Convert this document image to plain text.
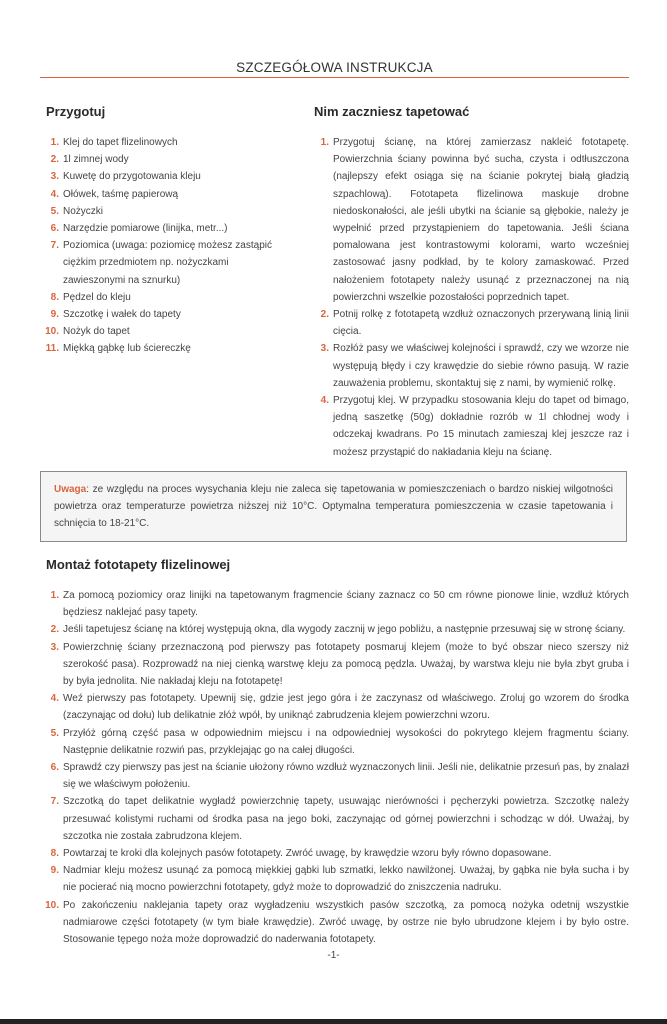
SZCZEGÓŁOWA INSTRUKCJA
Przygotuj
1. Klej do tapet flizelinowych
2. 1l zimnej wody
3. Kuwetę do przygotowania kleju
4. Ołówek, taśmę papierową
5. Nożyczki
6. Narzędzie pomiarowe (linijka, metr...)
7. Poziomica (uwaga: poziomicę możesz zastąpić ciężkim przedmiotem np. nożyczkami zawieszonymi na sznurku)
8. Pędzel do kleju
9. Szczotkę i wałek do tapety
10. Nożyk do tapet
11. Miękką gąbkę lub ściereczkę
Nim zaczniesz tapetować
1. Przygotuj ścianę, na której zamierzasz nakleić fototapetę. Powierzchnia ściany powinna być sucha, czysta i odtłuszczona (najlepszy efekt osiąga się na ścianie pokrytej białą gładzią szpachlową). Fototapeta flizelinowa maskuje drobne niedoskonałości, ale jeśli ubytki na ścianie są głębokie, należy je wypełnić przed przystąpieniem do tapetowania. Jeśli ściana pomalowana jest kontrastowymi kolorami, warto wcześniej zastosować jasny podkład, by te kolory zamaskować. Przed nałożeniem fototapety należy usunąć z przeznaczonej na nią powierzchni wszelkie pozostałości poprzednich tapet.
2. Potnij rolkę z fototapetą wzdłuż oznaczonych przerywaną linią linii cięcia.
3. Rozłóż pasy we właściwej kolejności i sprawdź, czy we wzorze nie występują błędy i czy krawędzie do siebie równo pasują. W razie zauważenia problemu, skontaktuj się z nami, by wymienić rolkę.
4. Przygotuj klej. W przypadku stosowania kleju do tapet od bimago, jedną saszetkę (50g) dokładnie rozrób w 1l chłodnej wody i odczekaj kwadrans. Po 15 minutach zamieszaj klej jeszcze raz i możesz przystąpić do nakładania kleju na ścianę.
Uwaga: ze względu na proces wysychania kleju nie zaleca się tapetowania w pomieszczeniach o bardzo niskiej wilgotności powietrza oraz temperaturze powietrza niższej niż 10°C. Optymalna temperatura pomieszczenia w czasie tapetowania i schnięcia to 18-21°C.
Montaż fototapety flizelinowej
1. Za pomocą poziomicy oraz linijki na tapetowanym fragmencie ściany zaznacz co 50 cm równe pionowe linie, wzdłuż których będziesz naklejać pasy tapety.
2. Jeśli tapetujesz ścianę na której występują okna, dla wygody zacznij w jego pobliżu, a następnie przesuwaj się w stronę ściany.
3. Powierzchnię ściany przeznaczoną pod pierwszy pas fototapety posmaruj klejem (może to być obszar nieco szerszy niż szerokość pasa). Rozprowadź na niej cienką warstwę kleju za pomocą pędzla. Uważaj, by warstwa kleju nie była zbyt gruba i by była jednolita. Nie nakładaj kleju na fototapetę!
4. Weź pierwszy pas fototapety. Upewnij się, gdzie jest jego góra i że zaczynasz od właściwego. Zroluj go wzorem do środka (zaczynając od dołu) lub delikatnie złóż wpół, by uniknąć zabrudzenia klejem powierzchni wzoru.
5. Przyłóż górną część pasa w odpowiednim miejscu i na odpowiedniej wysokości do pokrytego klejem fragmentu ściany. Następnie delikatnie rozwiń pas, przyklejając go na całej długości.
6. Sprawdź czy pierwszy pas jest na ścianie ułożony równo wzdłuż wyznaczonych linii. Jeśli nie, delikatnie przesuń pas, by znalazł się we właściwym położeniu.
7. Szczotką do tapet delikatnie wygładź powierzchnię tapety, usuwając nierówności i pęcherzyki powietrza. Szczotkę należy przesuwać kolistymi ruchami od środka pasa na jego boki, zaczynając od górnej powierzchni i schodząc w dół. Uważaj, by szczotka nie została zabrudzona klejem.
8. Powtarzaj te kroki dla kolejnych pasów fototapety. Zwróć uwagę, by krawędzie wzoru były równo dopasowane.
9. Nadmiar kleju możesz usunąć za pomocą miękkiej gąbki lub szmatki, lekko nawilżonej. Uważaj, by gąbka nie była sucha i by nie pocierać nią mocno powierzchni fototapety, gdyż może to doprowadzić do zniszczenia nadruku.
10. Po zakończeniu naklejania tapety oraz wygładzeniu wszystkich pasów szczotką, za pomocą nożyka odetnij wszystkie nadmiarowe części fototapety (w tym białe krawędzie). Zwróć uwagę, by ostrze nie było ubrudzone klejem i by było ostre. Stosowanie tępego noża może doprowadzić do naderwania fototapety.
-1-
